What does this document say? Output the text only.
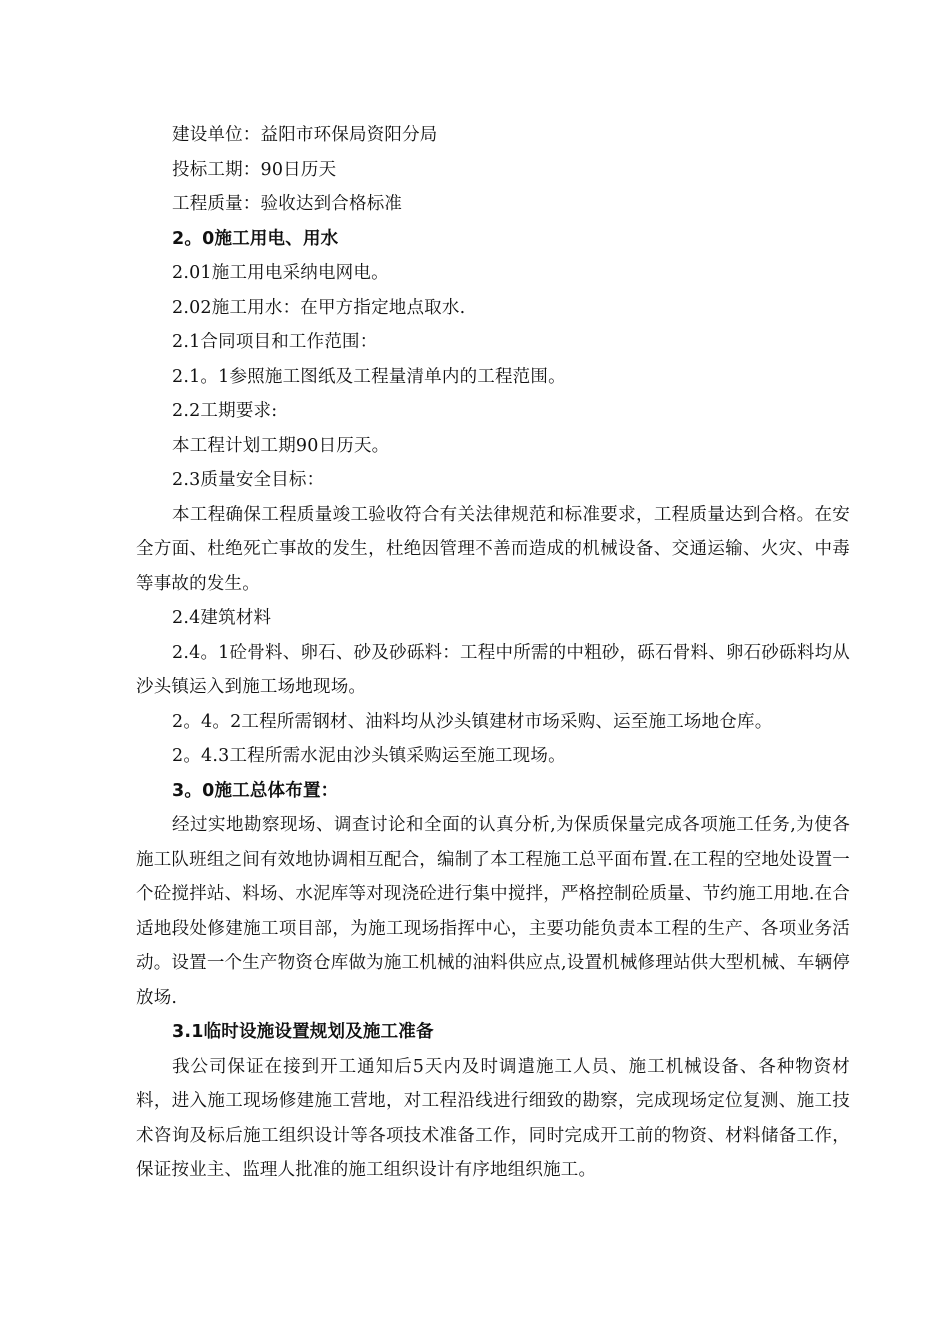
建设单位：益阳市环保局资阳分局

投标工期：90日历天

工程质量：验收达到合格标准

2。0施工用电、用水

2.01施工用电采纳电网电。

2.02施工用水：在甲方指定地点取水.

2.1合同项目和工作范围：

2.1。1参照施工图纸及工程量清单内的工程范围。

2.2工期要求:

本工程计划工期90日历天。

2.3质量安全目标：

本工程确保工程质量竣工验收符合有关法律规范和标准要求，工程质量达到合格。在安全方面、杜绝死亡事故的发生，杜绝因管理不善而造成的机械设备、交通运输、火灾、中毒等事故的发生。

2.4建筑材料

2.4。1砼骨料、卵石、砂及砂砾料：工程中所需的中粗砂，砾石骨料、卵石砂砾料均从沙头镇运入到施工场地现场。

2。4。2工程所需钢材、油料均从沙头镇建材市场采购、运至施工场地仓库。

2。4.3工程所需水泥由沙头镇采购运至施工现场。

3。0施工总体布置：

经过实地勘察现场、调查讨论和全面的认真分析,为保质保量完成各项施工任务,为使各施工队班组之间有效地协调相互配合，编制了本工程施工总平面布置.在工程的空地处设置一个砼搅拌站、料场、水泥库等对现浇砼进行集中搅拌，严格控制砼质量、节约施工用地.在合适地段处修建施工项目部，为施工现场指挥中心，主要功能负责本工程的生产、各项业务活动。设置一个生产物资仓库做为施工机械的油料供应点,设置机械修理站供大型机械、车辆停放场.

3.1临时设施设置规划及施工准备

我公司保证在接到开工通知后5天内及时调遣施工人员、施工机械设备、各种物资材料，进入施工现场修建施工营地，对工程沿线进行细致的勘察，完成现场定位复测、施工技术咨询及标后施工组织设计等各项技术准备工作，同时完成开工前的物资、材料储备工作，保证按业主、监理人批准的施工组织设计有序地组织施工。
